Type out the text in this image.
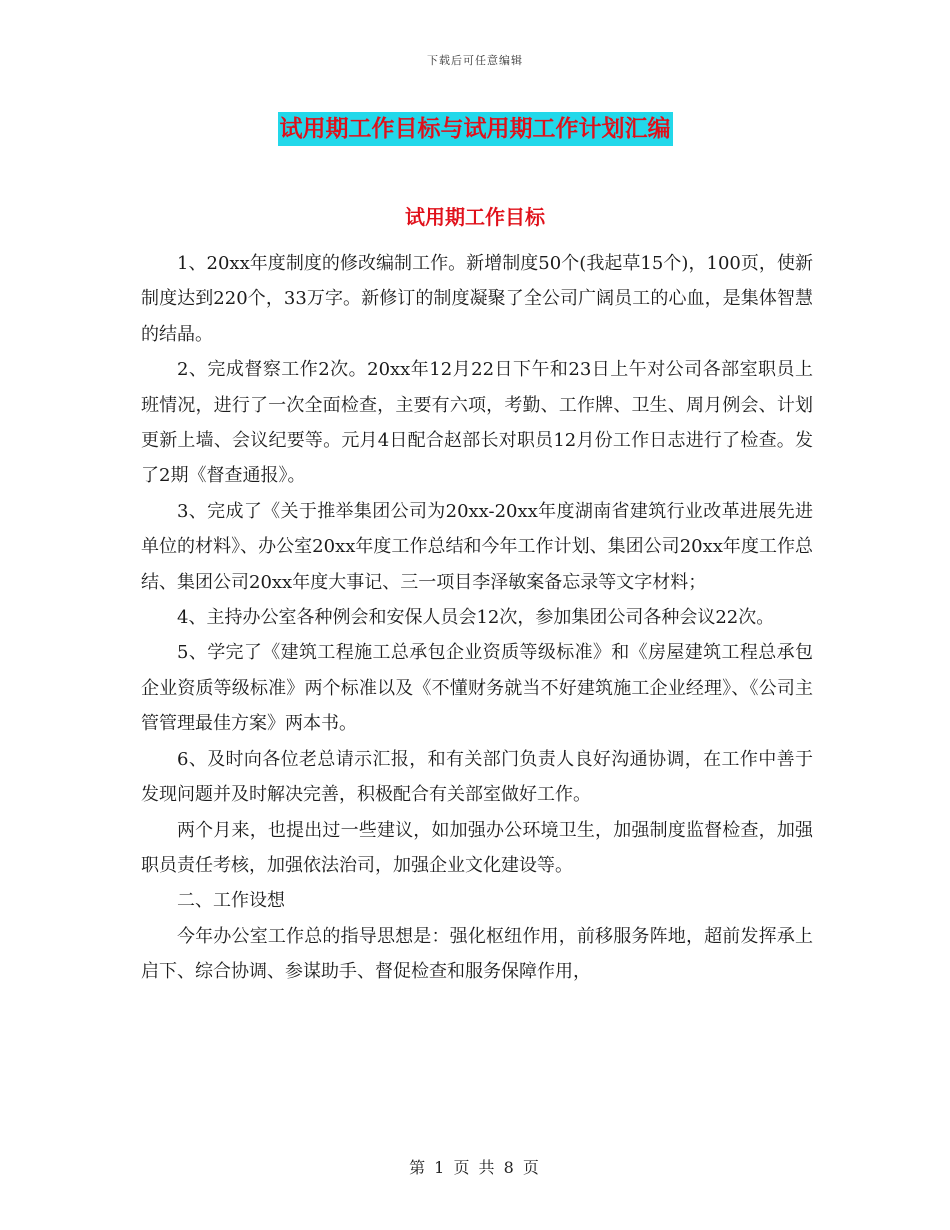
下载后可任意编辑
试用期工作目标与试用期工作计划汇编
试用期工作目标

1、20xx年度制度的修改编制工作。新增制度50个(我起草15个)，100页，使新制度达到220个，33万字。新修订的制度凝聚了全公司广阔员工的心血，是集体智慧的结晶。

2、完成督察工作2次。20xx年12月22日下午和23日上午对公司各部室职员上班情况，进行了一次全面检查，主要有六项，考勤、工作牌、卫生、周月例会、计划更新上墙、会议纪要等。元月4日配合赵部长对职员12月份工作日志进行了检查。发了2期《督查通报》。

3、完成了《关于推举集团公司为20xx-20xx年度湖南省建筑行业改革进展先进单位的材料》、办公室20xx年度工作总结和今年工作计划、集团公司20xx年度工作总结、集团公司20xx年度大事记、三一项目李泽敏案备忘录等文字材料；

4、主持办公室各种例会和安保人员会12次，参加集团公司各种会议22次。

5、学完了《建筑工程施工总承包企业资质等级标准》和《房屋建筑工程总承包企业资质等级标准》两个标准以及《不懂财务就当不好建筑施工企业经理》、《公司主管管理最佳方案》两本书。

6、及时向各位老总请示汇报，和有关部门负责人良好沟通协调，在工作中善于发现问题并及时解决完善，积极配合有关部室做好工作。

两个月来，也提出过一些建议，如加强办公环境卫生，加强制度监督检查，加强职员责任考核，加强依法治司，加强企业文化建设等。

二、工作设想

今年办公室工作总的指导思想是：强化枢纽作用，前移服务阵地，超前发挥承上启下、综合协调、参谋助手、督促检查和服务保障作用，

第 1 页 共 8 页
